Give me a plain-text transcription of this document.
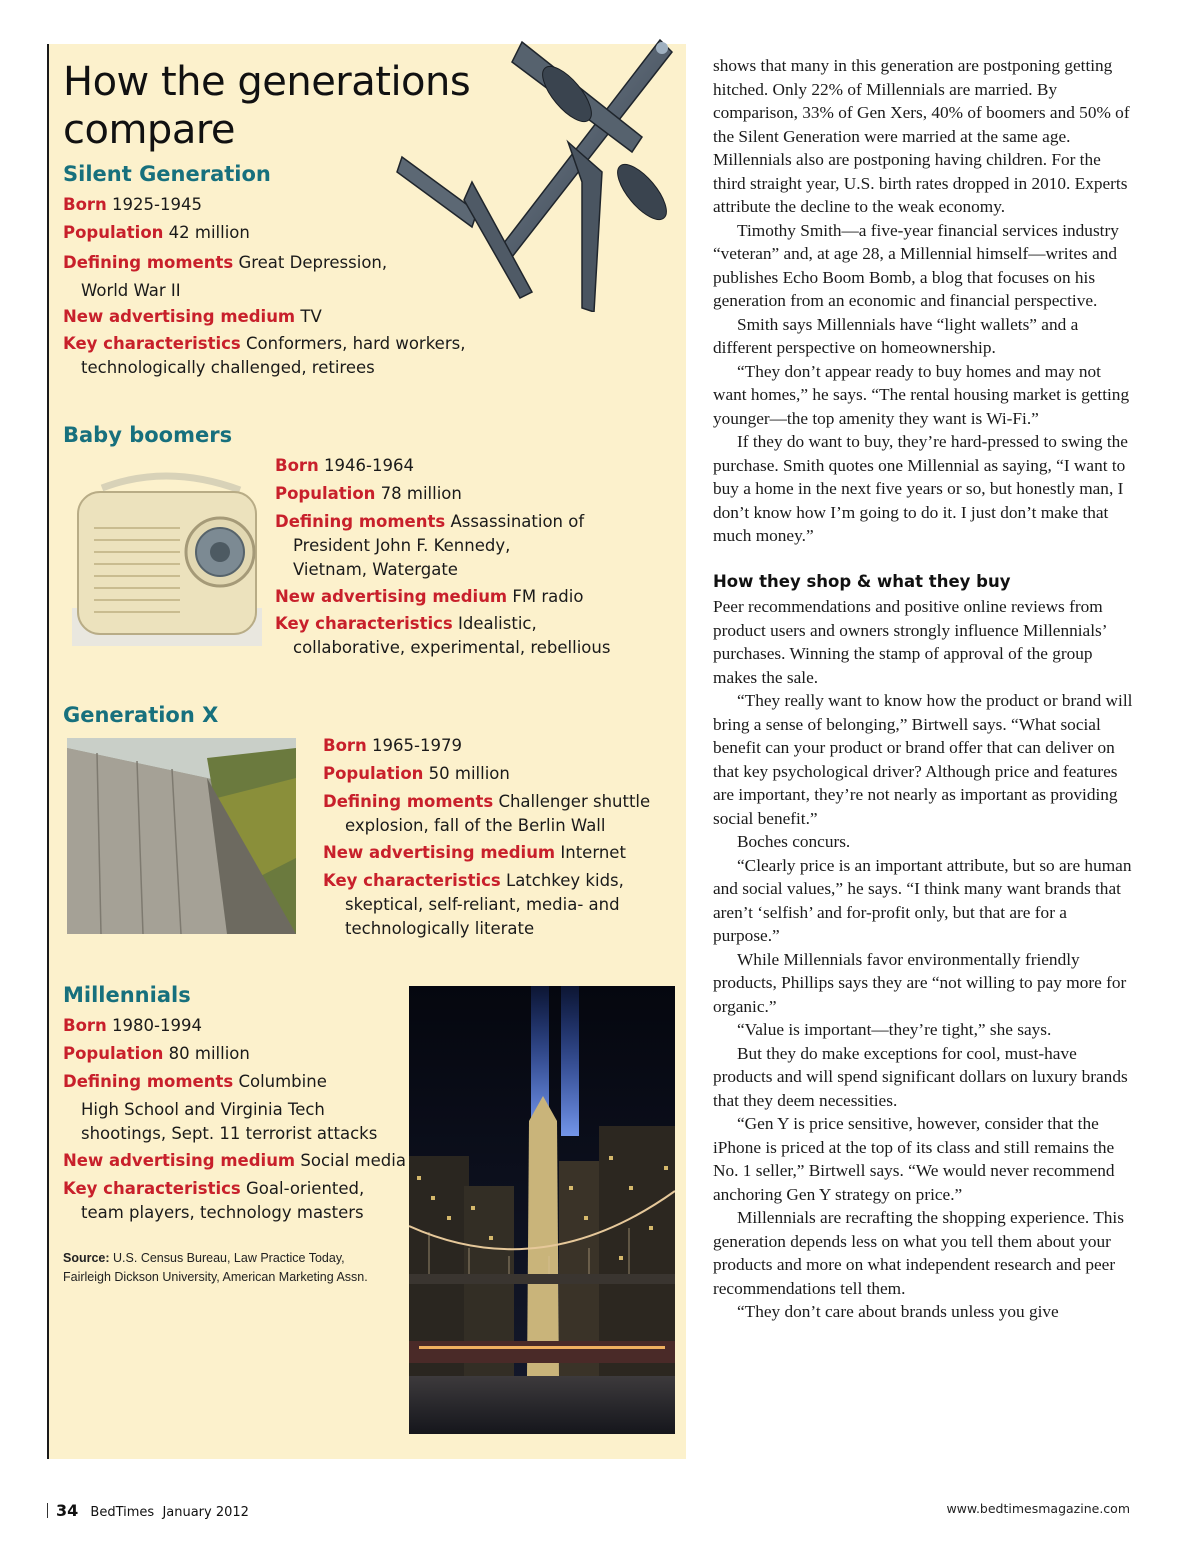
How the generations compare
Silent Generation
Born 1925-1945
Population 42 million
Defining moments Great Depression,
World War II
New advertising medium TV
Key characteristics Conformers, hard workers,
technologically challenged, retirees
Baby boomers
Born 1946-1964
Population 78 million
Defining moments Assassination of
President John F. Kennedy,
Vietnam, Watergate
New advertising medium FM radio
Key characteristics Idealistic,
collaborative, experimental, rebellious
Generation X
Born 1965-1979
Population 50 million
Defining moments Challenger shuttle
explosion, fall of the Berlin Wall
New advertising medium Internet
Key characteristics Latchkey kids,
skeptical, self-reliant, media- and
technologically literate
Millennials
Born 1980-1994
Population 80 million
Defining moments Columbine
High School and Virginia Tech
shootings, Sept. 11 terrorist attacks
New advertising medium Social media
Key characteristics Goal-oriented,
team players, technology masters

Source: U.S. Census Bureau, Law Practice Today, Fairleigh Dickson University, American Marketing Assn.

shows that many in this generation are postponing getting hitched. Only 22% of Millennials are married. By comparison, 33% of Gen Xers, 40% of boomers and 50% of the Silent Generation were married at the same age. Millennials also are postponing having children. For the third straight year, U.S. birth rates dropped in 2010. Experts attribute the decline to the weak economy.

Timothy Smith—a five-year financial services industry “veteran” and, at age 28, a Millennial himself—writes and publishes Echo Boom Bomb, a blog that focuses on his generation from an economic and financial perspective.

Smith says Millennials have “light wallets” and a different perspective on homeownership.

“They don’t appear ready to buy homes and may not want homes,” he says. “The rental housing market is getting younger—the top amenity they want is Wi-Fi.”

If they do want to buy, they’re hard-pressed to swing the purchase. Smith quotes one Millennial as saying, “I want to buy a home in the next five years or so, but honestly man, I don’t know how I’m going to do it. I just don’t make that much money.”

How they shop & what they buy

Peer recommendations and positive online reviews from product users and owners strongly influence Millennials’ purchases. Winning the stamp of approval of the group makes the sale.

“They really want to know how the product or brand will bring a sense of belonging,” Birtwell says. “What social benefit can your product or brand offer that can deliver on that key psychological driver? Although price and features are important, they’re not nearly as important as providing social benefit.”

Boches concurs.

“Clearly price is an important attribute, but so are human and social values,” he says. “I think many want brands that aren’t ‘selfish’ and for-profit only, but that are for a purpose.”

While Millennials favor environmentally friendly products, Phillips says they are “not willing to pay more for organic.”

“Value is important—they’re tight,” she says.

But they do make exceptions for cool, must-have products and will spend significant dollars on luxury brands that they deem necessities.

“Gen Y is price sensitive, however, consider that the iPhone is priced at the top of its class and still remains the No. 1 seller,” Birtwell says. “We would never recommend anchoring Gen Y strategy on price.”

Millennials are recrafting the shopping experience. This generation depends less on what you tell them about your products and more on what independent research and peer recommendations tell them.

“They don’t care about brands unless you give

34 BedTimes January 2012	www.bedtimesmagazine.com
